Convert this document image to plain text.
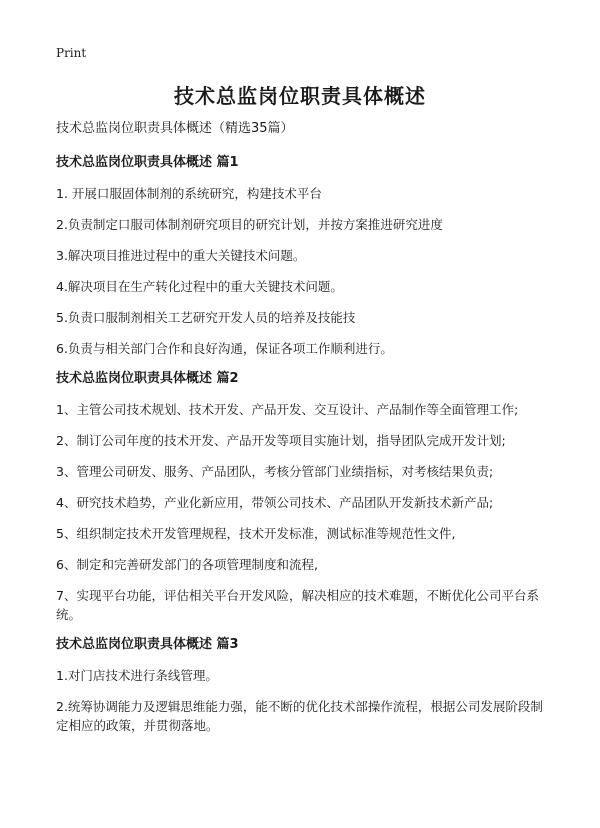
Print
技术总监岗位职责具体概述
技术总监岗位职责具体概述（精选35篇）
技术总监岗位职责具体概述 篇1
1. 开展口服固体制剂的系统研究，构建技术平台
2.负责制定口服司体制剂研究项目的研究计划，并按方案推进研究进度
3.解决项目推进过程中的重大关键技术问题。
4.解决项目在生产转化过程中的重大关键技术问题。
5.负责口服制剂相关工艺研究开发人员的培养及技能技
6.负责与相关部门合作和良好沟通，保证各项工作顺利进行。
技术总监岗位职责具体概述 篇2
1、主管公司技术规划、技术开发、产品开发、交互设计、产品制作等全面管理工作;
2、制订公司年度的技术开发、产品开发等项目实施计划，指导团队完成开发计划;
3、管理公司研发、服务、产品团队，考核分管部门业绩指标，对考核结果负责;
4、研究技术趋势，产业化新应用，带领公司技术、产品团队开发新技术新产品;
5、组织制定技术开发管理规程，技术开发标准，测试标准等规范性文件,
6、制定和完善研发部门的各项管理制度和流程,
7、实现平台功能，评估相关平台开发风险，解决相应的技术难题，不断优化公司平台系统。
技术总监岗位职责具体概述 篇3
1.对门店技术进行条线管理。
2.统筹协调能力及逻辑思维能力强，能不断的优化技术部操作流程，根据公司发展阶段制定相应的政策，并贯彻落地。
